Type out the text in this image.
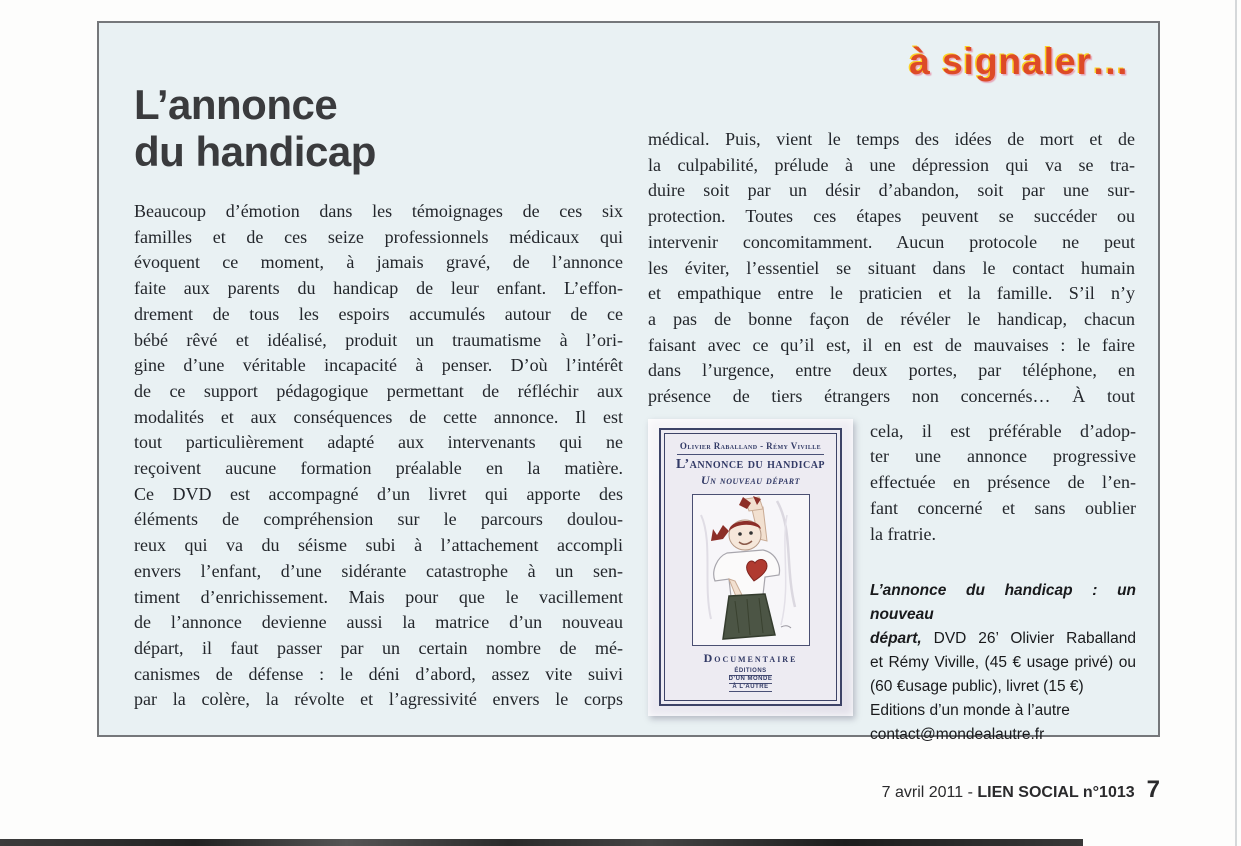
à signaler…
L’annonce
du handicap
Beaucoup d’émotion dans les témoignages de ces six
familles et de ces seize professionnels médicaux qui
évoquent ce moment, à jamais gravé, de l’annonce
faite aux parents du handicap de leur enfant. L’effon-
drement de tous les espoirs accumulés autour de ce
bébé rêvé et idéalisé, produit un traumatisme à l’ori-
gine d’une véritable incapacité à penser. D’où l’intérêt
de ce support pédagogique permettant de réfléchir aux
modalités et aux conséquences de cette annonce. Il est
tout particulièrement adapté aux intervenants qui ne
reçoivent aucune formation préalable en la matière.
Ce DVD est accompagné d’un livret qui apporte des
éléments de compréhension sur le parcours doulou-
reux qui va du séisme subi à l’attachement accompli
envers l’enfant, d’une sidérante catastrophe à un sen-
timent d’enrichissement. Mais pour que le vacillement
de l’annonce devienne aussi la matrice d’un nouveau
départ, il faut passer par un certain nombre de mé-
canismes de défense : le déni d’abord, assez vite suivi
par la colère, la révolte et l’agressivité envers le corps
médical. Puis, vient le temps des idées de mort et de
la culpabilité, prélude à une dépression qui va se tra-
duire soit par un désir d’abandon, soit par une sur-
protection. Toutes ces étapes peuvent se succéder ou
intervenir concomitamment. Aucun protocole ne peut
les éviter, l’essentiel se situant dans le contact humain
et empathique entre le praticien et la famille. S’il n’y
a pas de bonne façon de révéler le handicap, chacun
faisant avec ce qu’il est, il en est de mauvaises : le faire
dans l’urgence, entre deux portes, par téléphone, en
présence de tiers étrangers non concernés… À tout
Olivier Raballand - Rémy Viville
L’annonce du handicap
Un nouveau départ
Documentaire
ÉDITIONS
D’UN MONDE
À L’AUTRE
cela, il est préférable d’adop-
ter une annonce progressive
effectuée en présence de l’en-
fant concerné et sans oublier
la fratrie.
L’annonce du handicap : un nouveau
départ, DVD 26’ Olivier Raballand
et Rémy Viville, (45 € usage privé) ou
(60 €usage public), livret (15 €)
Editions d’un monde à l’autre
contact@mondealautre.fr
7 avril 2011 - LIEN SOCIAL n°1013 7
